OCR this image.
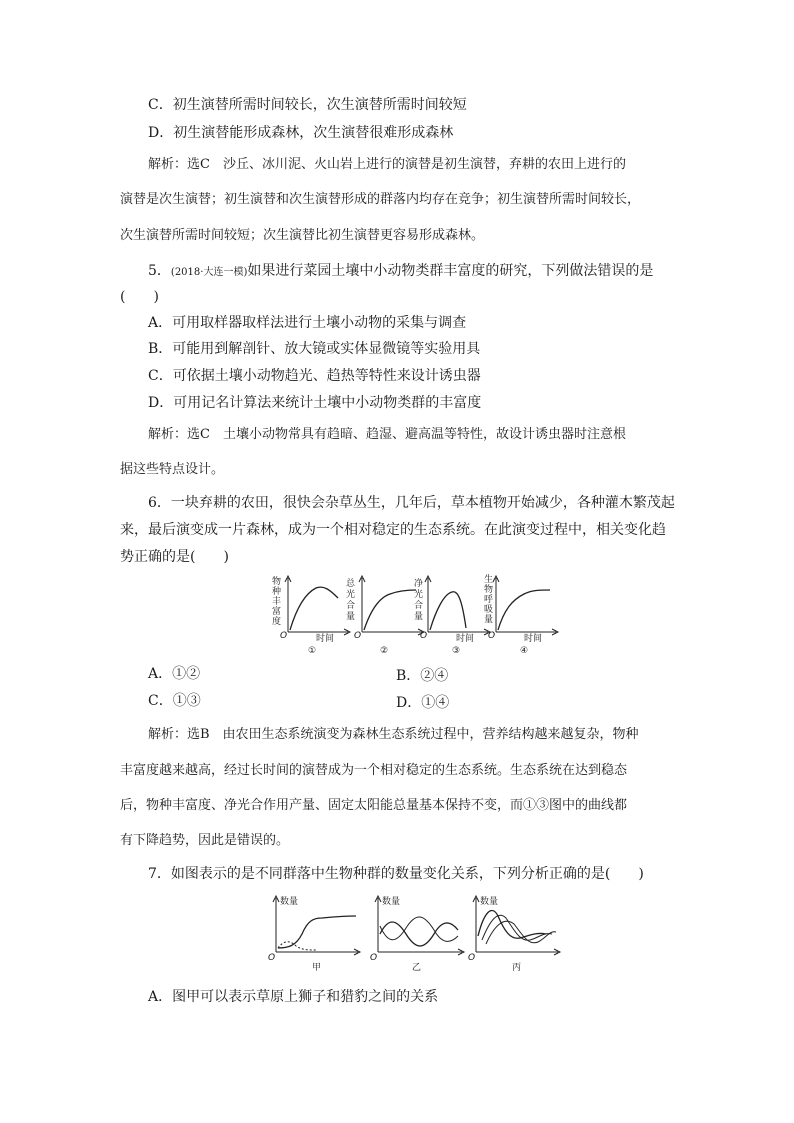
C．初生演替所需时间较长，次生演替所需时间较短
D．初生演替能形成森林，次生演替很难形成森林
解析：选C　沙丘、冰川泥、火山岩上进行的演替是初生演替，弃耕的农田上进行的
演替是次生演替；初生演替和次生演替形成的群落内均存在竞争；初生演替所需时间较长，
次生演替所需时间较短；次生演替比初生演替更容易形成森林。
5．(2018·大连一模)如果进行菜园土壤中小动物类群丰富度的研究，下列做法错误的是
(　　)
A．可用取样器取样法进行土壤小动物的采集与调查
B．可能用到解剖针、放大镜或实体显微镜等实验用具
C．可依据土壤小动物趋光、趋热等特性来设计诱虫器
D．可用记名计算法来统计土壤中小动物类群的丰富度
解析：选C　土壤小动物常具有趋暗、趋湿、避高温等特性，故设计诱虫器时注意根
据这些特点设计。
6．一块弃耕的农田，很快会杂草丛生，几年后，草本植物开始减少，各种灌木繁茂起
来，最后演变成一片森林，成为一个相对稳定的生态系统。在此演变过程中，相关变化趋
势正确的是(　　)
物种丰富度
O	时间
①
总光合量
O
②
净光合量
O	时间
③
生物呼吸量
O	时间
④
A．①②	B．②④
C．①③	D．①④
解析：选B　由农田生态系统演变为森林生态系统过程中，营养结构越来越复杂，物种
丰富度越来越高，经过长时间的演替成为一个相对稳定的生态系统。生态系统在达到稳态
后，物种丰富度、净光合作用产量、固定太阳能总量基本保持不变，而①③图中的曲线都
有下降趋势，因此是错误的。
7．如图表示的是不同群落中生物种群的数量变化关系，下列分析正确的是(　　)
数量
O
甲
数量
O
乙
数量
O
丙
A．图甲可以表示草原上狮子和猎豹之间的关系
